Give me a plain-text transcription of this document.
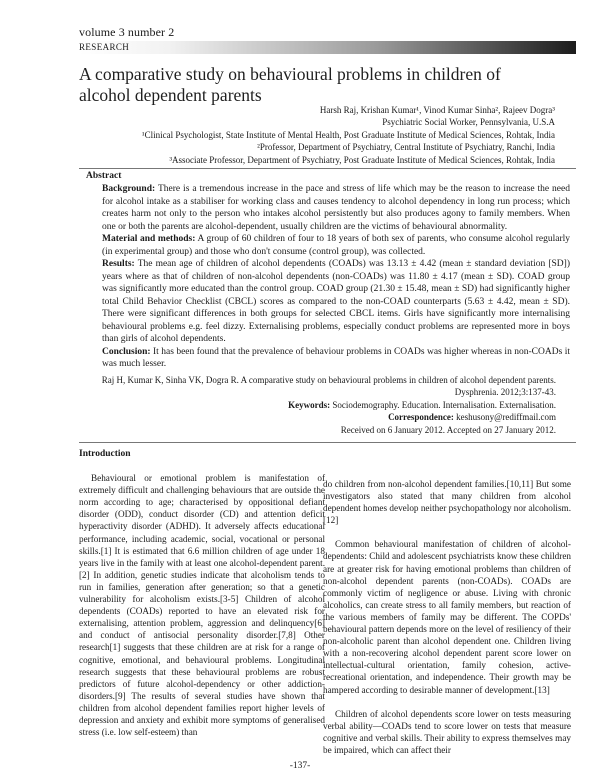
volume 3 number 2
RESEARCH
A comparative study on behavioural problems in children of alcohol dependent parents
Harsh Raj, Krishan Kumar¹, Vinod Kumar Sinha², Rajeev Dogra³
Psychiatric Social Worker, Pennsylvania, U.S.A
¹Clinical Psychologist, State Institute of Mental Health, Post Graduate Institute of Medical Sciences, Rohtak, India
²Professor, Department of Psychiatry, Central Institute of Psychiatry, Ranchi, India
³Associate Professor, Department of Psychiatry, Post Graduate Institute of Medical Sciences, Rohtak, India
Abstract

Background: There is a tremendous increase in the pace and stress of life which may be the reason to increase the need for alcohol intake as a stabiliser for working class and causes tendency to alcohol dependency in long run process; which creates harm not only to the person who intakes alcohol persistently but also produces agony to family members. When one or both the parents are alcohol-dependent, usually children are the victims of behavioural abnormality.

Material and methods: A group of 60 children of four to 18 years of both sex of parents, who consume alcohol regularly (in experimental group) and those who don't consume (control group), was collected.

Results: The mean age of children of alcohol dependents (COADs) was 13.13 ± 4.42 (mean ± standard deviation [SD]) years where as that of children of non-alcohol dependents (non-COADs) was 11.80 ± 4.17 (mean ± SD). COAD group was significantly more educated than the control group. COAD group (21.30 ± 15.48, mean ± SD) had significantly higher total Child Behavior Checklist (CBCL) scores as compared to the non-COAD counterparts (5.63 ± 4.42, mean ± SD). There were significant differences in both groups for selected CBCL items. Girls have significantly more internalising behavioural problems e.g. feel dizzy. Externalising problems, especially conduct problems are represented more in boys than girls of alcohol dependents.

Conclusion: It has been found that the prevalence of behaviour problems in COADs was higher whereas in non-COADs it was much lesser.

Raj H, Kumar K, Sinha VK, Dogra R. A comparative study on behavioural problems in children of alcohol dependent parents. Dysphrenia. 2012;3:137-43.
Keywords: Sociodemography. Education. Internalisation. Externalisation.
Correspondence: keshusony@rediffmail.com
Received on 6 January 2012. Accepted on 27 January 2012.
Introduction

Behavioural or emotional problem is manifestation of extremely difficult and challenging behaviours that are outside the norm according to age; characterised by oppositional defiant disorder (ODD), conduct disorder (CD) and attention deficit hyperactivity disorder (ADHD). It adversely affects educational performance, including academic, social, vocational or personal skills.[1] It is estimated that 6.6 million children of age under 18 years live in the family with at least one alcohol-dependent parent.[2] In addition, genetic studies indicate that alcoholism tends to run in families, generation after generation; so that a genetic vulnerability for alcoholism exists.[3-5] Children of alcohol dependents (COADs) reported to have an elevated risk for externalising, attention problem, aggression and delinquency[6] and conduct of antisocial personality disorder.[7,8] Other research[1] suggests that these children are at risk for a range of cognitive, emotional, and behavioural problems. Longitudinal research suggests that these behavioural problems are robust predictors of future alcohol-dependency or other addiction-disorders.[9] The results of several studies have shown that children from alcohol dependent families report higher levels of depression and anxiety and exhibit more symptoms of generalised stress (i.e. low self-esteem) than

do children from non-alcohol dependent families.[10,11] But some investigators also stated that many children from alcohol dependent homes develop neither psychopathology nor alcoholism.[12]

Common behavioural manifestation of children of alcohol-dependents: Child and adolescent psychiatrists know these children are at greater risk for having emotional problems than children of non-alcohol dependent parents (non-COADs). COADs are commonly victim of negligence or abuse. Living with chronic alcoholics, can create stress to all family members, but reaction of the various members of family may be different. The COPDs' behavioural pattern depends more on the level of resiliency of their non-alcoholic parent than alcohol dependent one. Children living with a non-recovering alcohol dependent parent score lower on intellectual-cultural orientation, family cohesion, active-recreational orientation, and independence. Their growth may be hampered according to desirable manner of development.[13]

Children of alcohol dependents score lower on tests measuring verbal ability—COADs tend to score lower on tests that measure cognitive and verbal skills. Their ability to express themselves may be impaired, which can affect their

-137-
